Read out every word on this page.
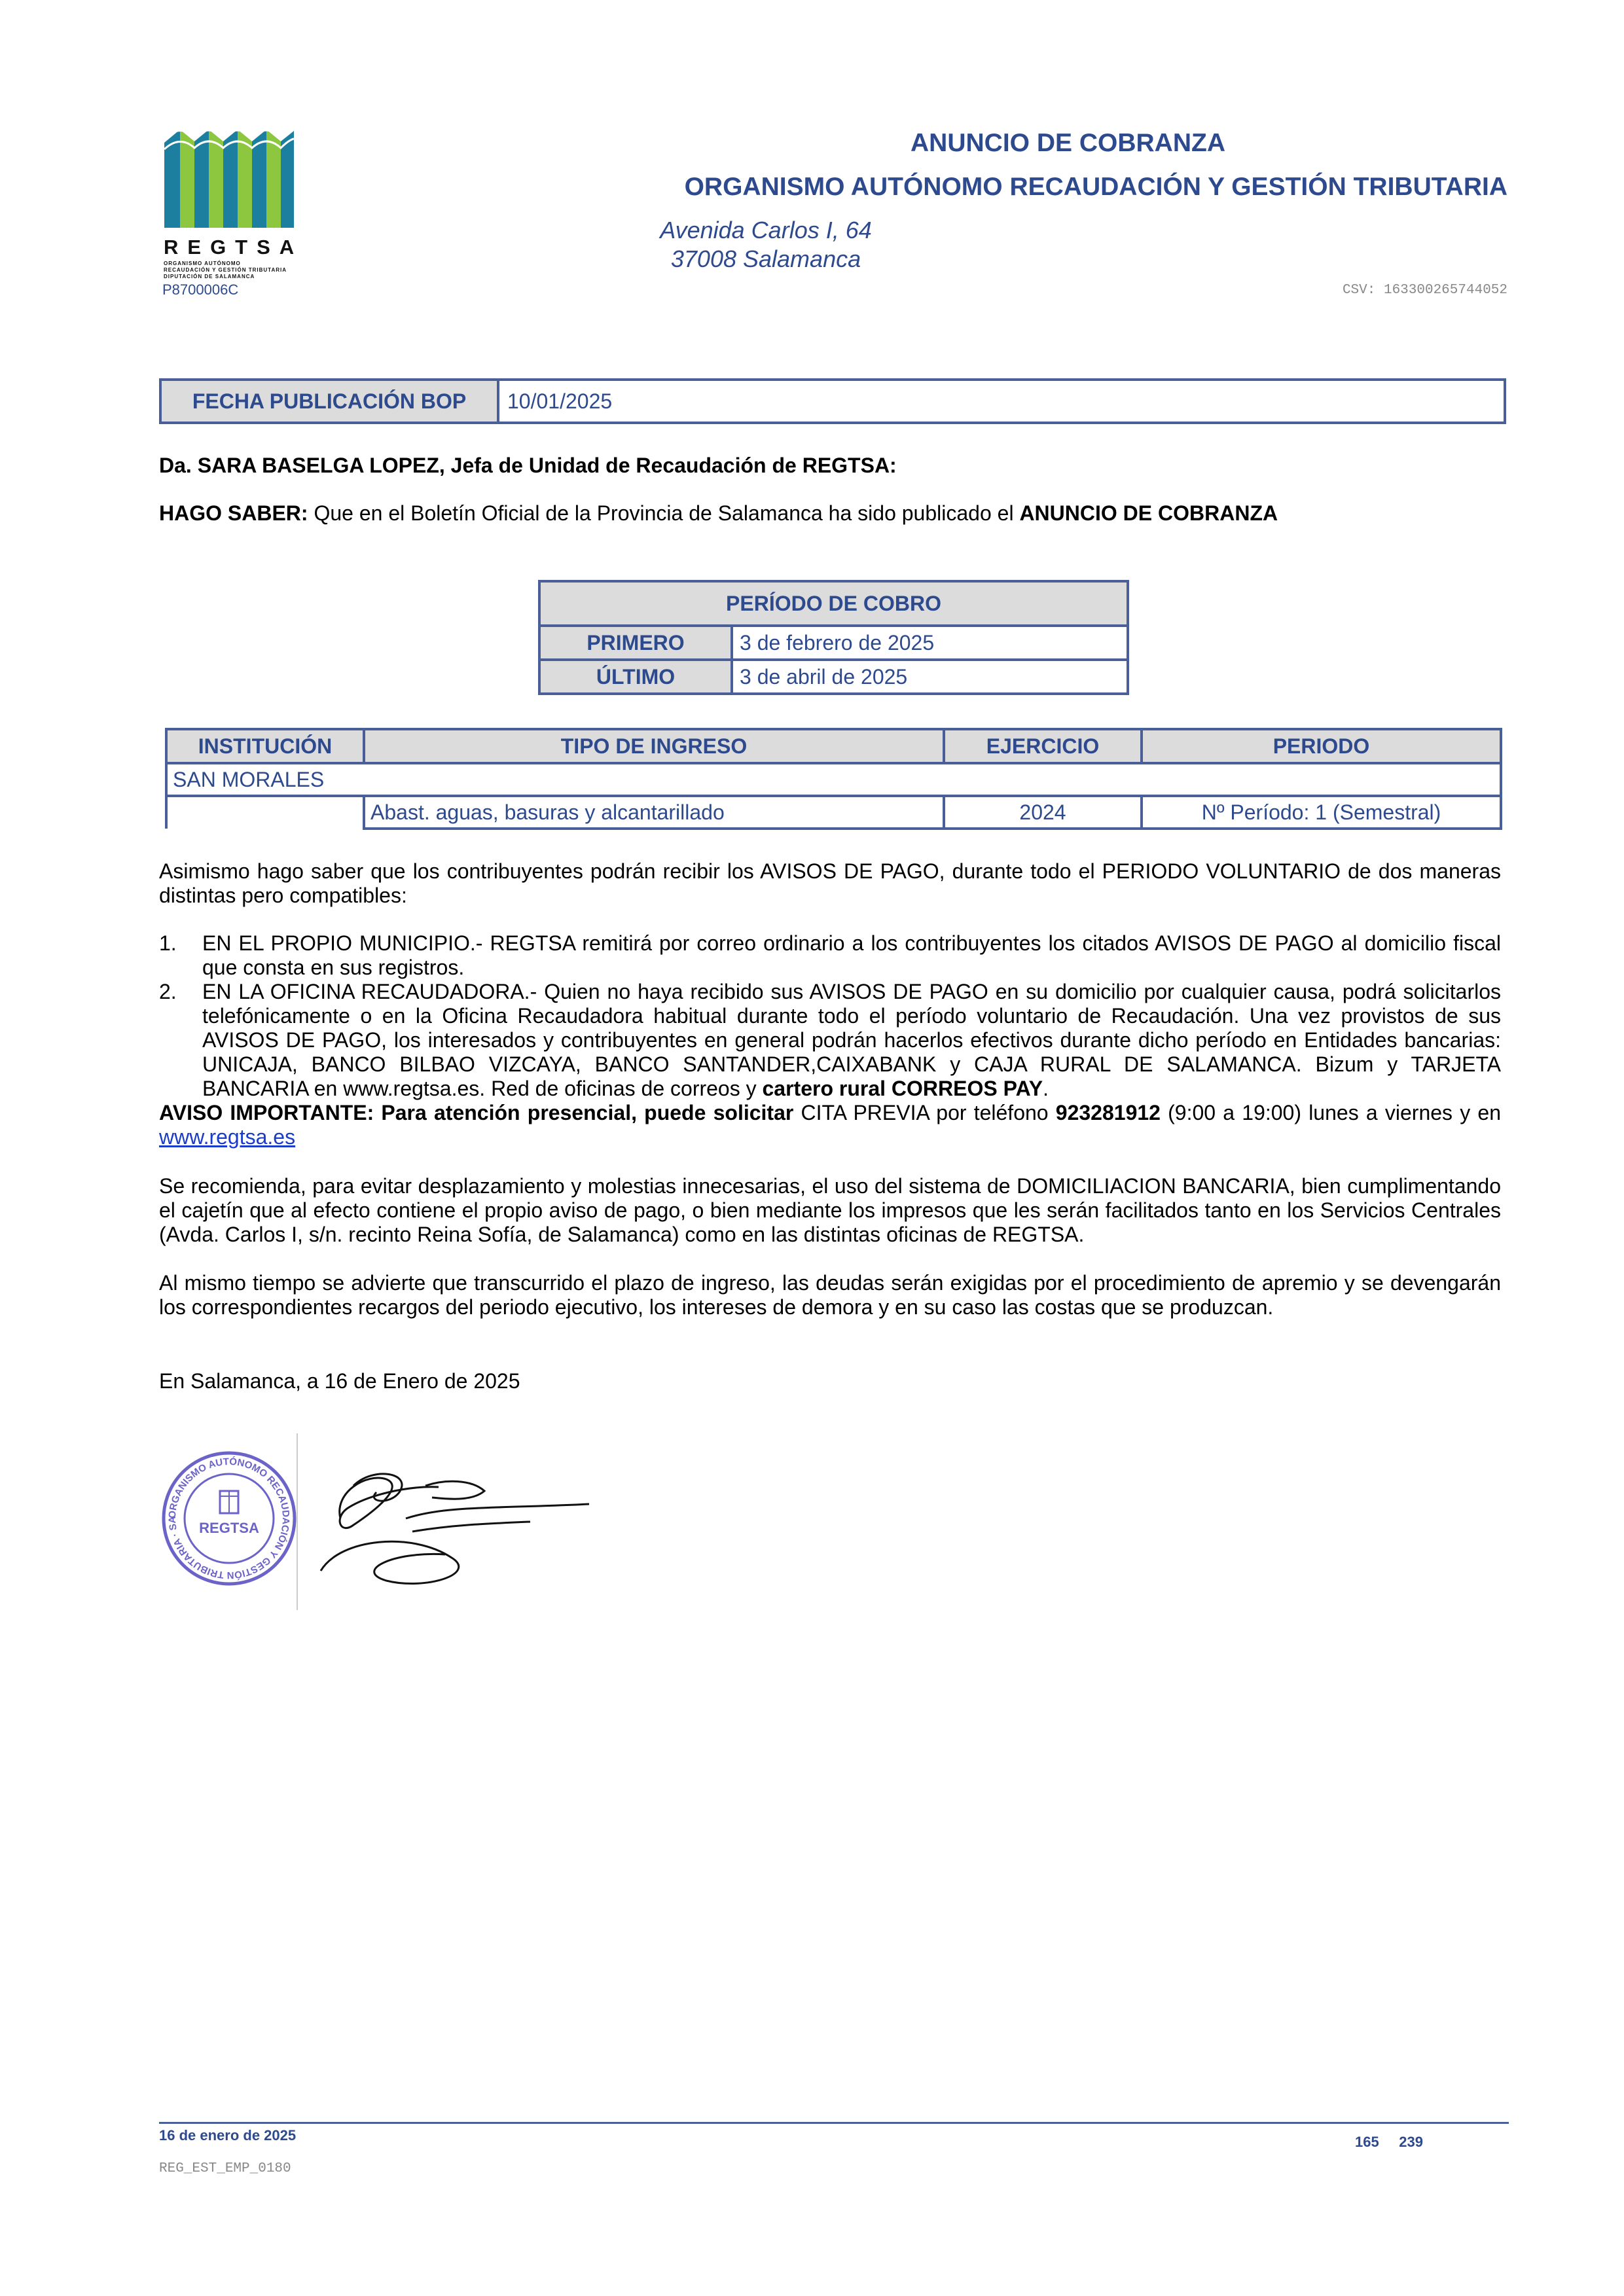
REGTSA
ORGANISMO AUTÓNOMO
RECAUDACIÓN Y GESTIÓN TRIBUTARIA
DIPUTACIÓN DE SALAMANCA
P8700006C
ANUNCIO DE COBRANZA
ORGANISMO AUTÓNOMO RECAUDACIÓN Y GESTIÓN TRIBUTARIA
Avenida Carlos I, 64
37008 Salamanca
CSV: 163300265744052
FECHA PUBLICACIÓN BOP	10/01/2025
Da. SARA BASELGA LOPEZ, Jefa de Unidad de Recaudación de REGTSA:
HAGO SABER: Que en el Boletín Oficial de la Provincia de Salamanca ha sido publicado el ANUNCIO DE COBRANZA
PERÍODO DE COBRO	
PRIMERO	3 de febrero de 2025
ÚLTIMO	3 de abril de 2025
INSTITUCIÓN	TIPO DE INGRESO	EJERCICIO	PERIODO
SAN MORALES			
	Abast. aguas, basuras y alcantarillado	2024	Nº Período: 1 (Semestral)
Asimismo hago saber que los contribuyentes podrán recibir los AVISOS DE PAGO, durante todo el PERIODO VOLUNTARIO de dos maneras distintas pero compatibles:
1. EN EL PROPIO MUNICIPIO.- REGTSA remitirá por correo ordinario a los contribuyentes los citados AVISOS DE PAGO al domicilio fiscal que consta en sus registros.
2. EN LA OFICINA RECAUDADORA.- Quien no haya recibido sus AVISOS DE PAGO en su domicilio por cualquier causa, podrá solicitarlos telefónicamente o en la Oficina Recaudadora habitual durante todo el período voluntario de Recaudación. Una vez provistos de sus AVISOS DE PAGO, los interesados y contribuyentes en general podrán hacerlos efectivos durante dicho período en Entidades bancarias: UNICAJA, BANCO BILBAO VIZCAYA, BANCO SANTANDER,CAIXABANK y CAJA RURAL DE SALAMANCA. Bizum y TARJETA BANCARIA en www.regtsa.es. Red de oficinas de correos y cartero rural CORREOS PAY.
AVISO IMPORTANTE: Para atención presencial, puede solicitar CITA PREVIA por teléfono 923281912 (9:00 a 19:00) lunes a viernes y en www.regtsa.es
Se recomienda, para evitar desplazamiento y molestias innecesarias, el uso del sistema de DOMICILIACION BANCARIA, bien cumplimentando el cajetín que al efecto contiene el propio aviso de pago, o bien mediante los impresos que les serán facilitados tanto en los Servicios Centrales (Avda. Carlos I, s/n. recinto Reina Sofía, de Salamanca) como en las distintas oficinas de REGTSA.
Al mismo tiempo se advierte que transcurrido el plazo de ingreso, las deudas serán exigidas por el procedimiento de apremio y se devengarán los correspondientes recargos del periodo ejecutivo, los intereses de demora y en su caso las costas que se produzcan.
En Salamanca, a 16 de Enero de 2025
ORGANISMO AUTÓNOMO RECAUDACIÓN Y GESTIÓN TRIBUTARIA · SA	REGTSA
16 de enero de 2025	165 239
REG_EST_EMP_0180
